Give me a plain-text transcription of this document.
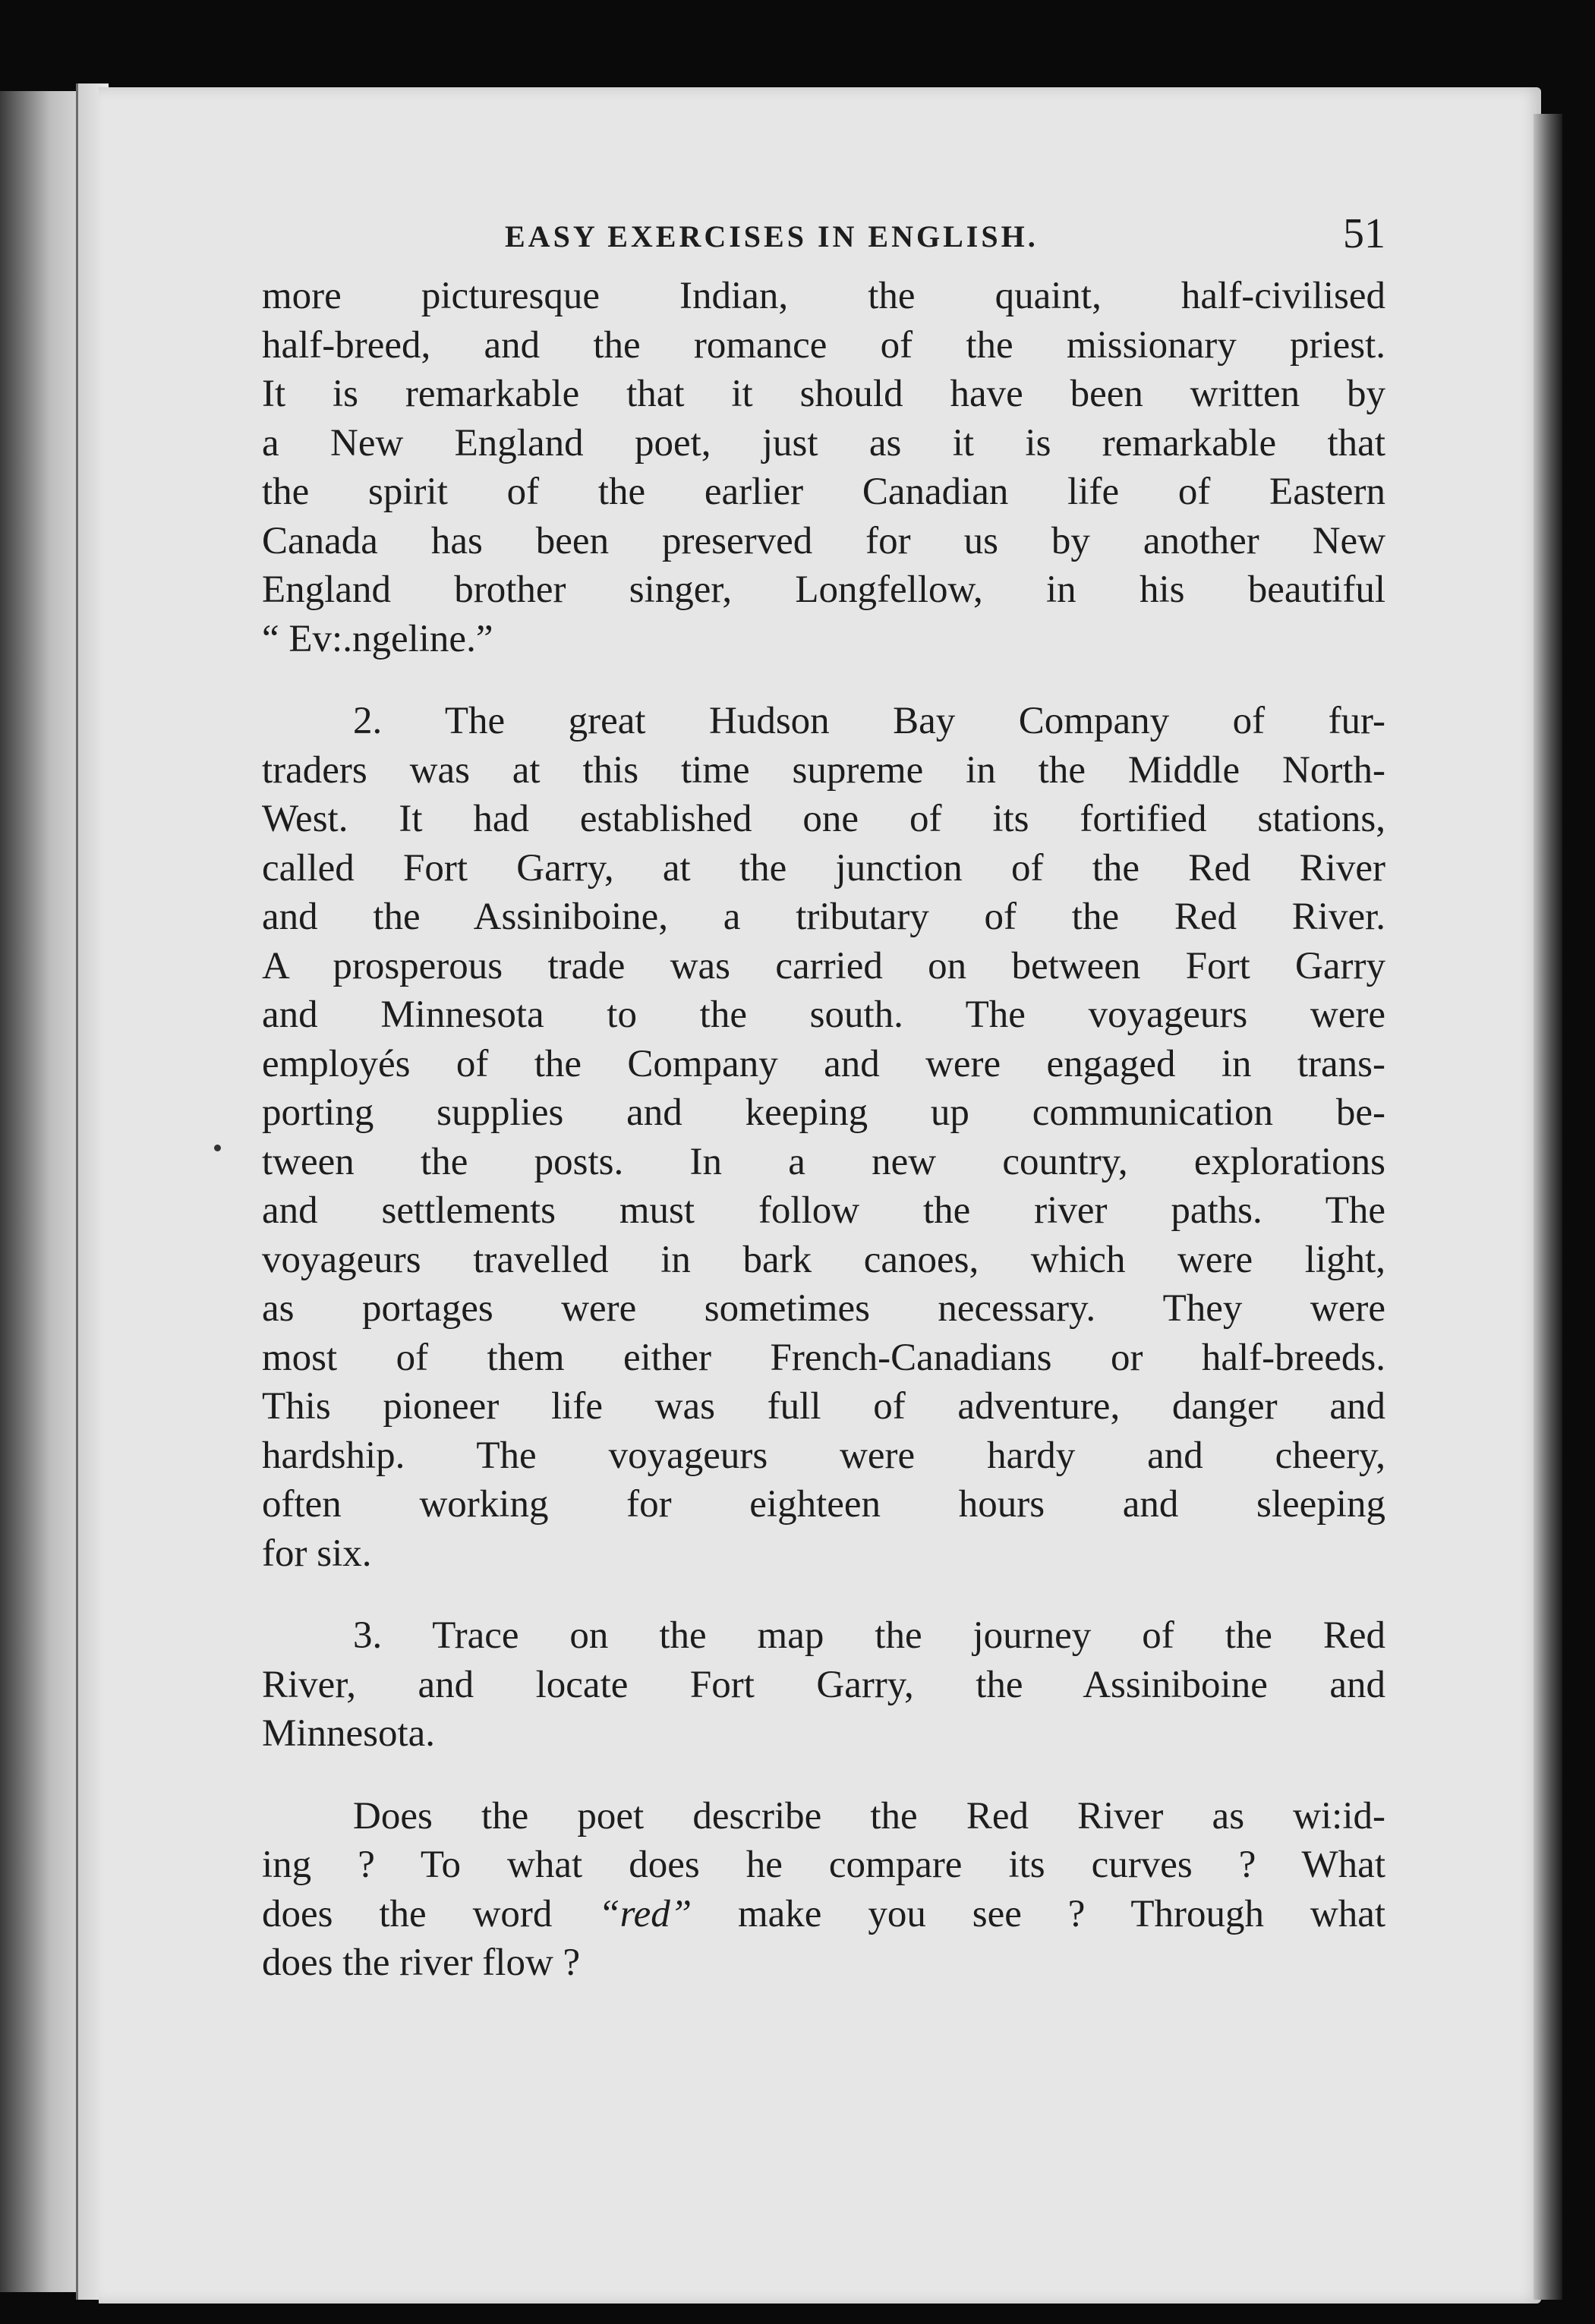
EASY EXERCISES IN ENGLISH.	51

more picturesque Indian, the quaint, half-civilised
half-breed, and the romance of the missionary priest.
It is remarkable that it should have been written by
a New England poet, just as it is remarkable that
the spirit of the earlier Canadian life of Eastern
Canada has been preserved for us by another New
England brother singer, Longfellow, in his beautiful
“ Ev:.ngeline.”

2. The great Hudson Bay Company of fur-
traders was at this time supreme in the Middle North-
West. It had established one of its fortified stations,
called Fort Garry, at the junction of the Red River
and the Assiniboine, a tributary of the Red River.
A prosperous trade was carried on between Fort Garry
and Minnesota to the south. The voyageurs were
employés of the Company and were engaged in trans-
porting supplies and keeping up communication be-
tween the posts. In a new country, explorations
and settlements must follow the river paths. The
voyageurs travelled in bark canoes, which were light,
as portages were sometimes necessary. They were
most of them either French-Canadians or half-breeds.
This pioneer life was full of adventure, danger and
hardship. The voyageurs were hardy and cheery,
often working for eighteen hours and sleeping
for six.

3. Trace on the map the journey of the Red
River, and locate Fort Garry, the Assiniboine and
Minnesota.

Does the poet describe the Red River as wi:id-
ing ? To what does he compare its curves ? What
does the word “red” make you see ? Through what
does the river flow ?
